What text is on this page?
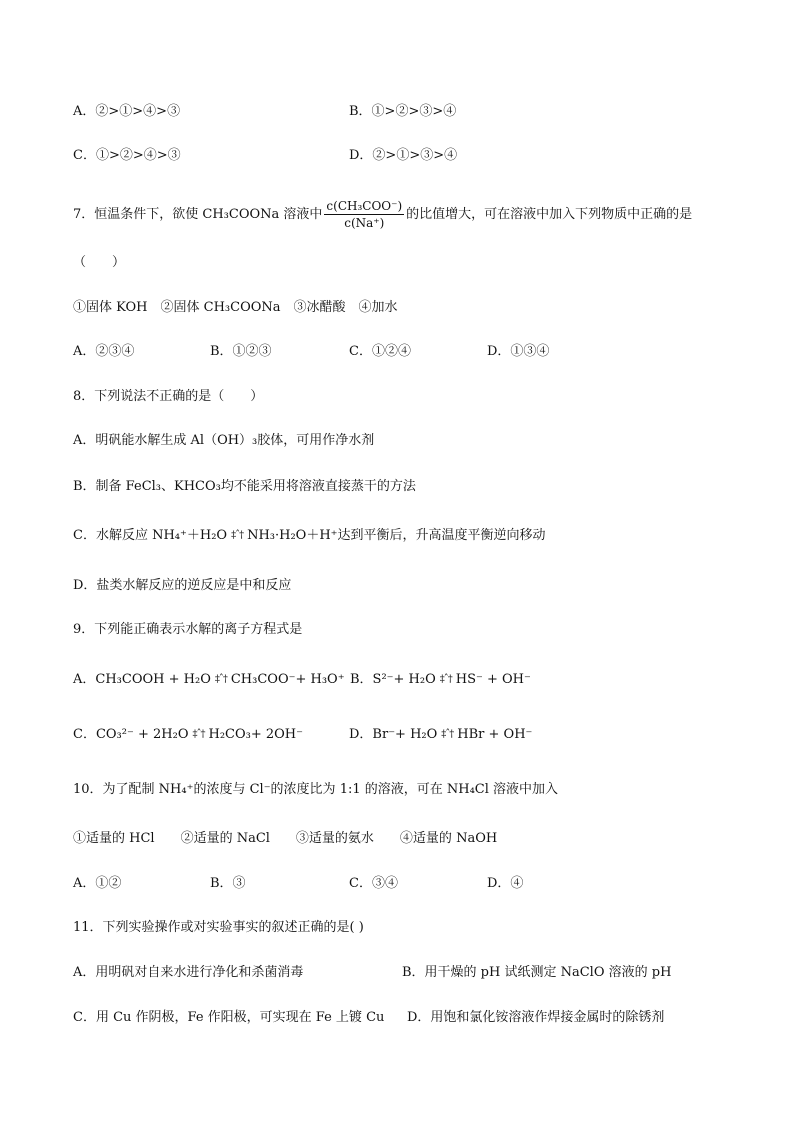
A．②>①>④>③	B．①>②>③>④
C．①>②>④>③	D．②>①>③>④
7．恒温条件下，欲使 CH₃COONa 溶液中 $\frac{\text{c(CH₃COO⁻)}}{c(Na^+)}$ 的比值增大，可在溶液中加入下列物质中正确的是
（　　）
①固体 KOH　②固体 CH₃COONa　③冰醋酸　④加水
A．②③④	B．①②③	C．①②④	D．①③④
8．下列说法不正确的是（　　）
A．明矾能水解生成 Al（OH）₃胶体，可用作净水剂
B．制备 FeCl₃、KHCO₃均不能采用将溶液直接蒸干的方法
C．水解反应 NH₄⁺＋H₂O ‡ˆ† NH₃·H₂O＋H⁺达到平衡后，升高温度平衡逆向移动
D．盐类水解反应的逆反应是中和反应
9．下列能正确表示水解的离子方程式是
A．CH₃COOH + H₂O ‡ˆ† CH₃COO⁻+ H₃O⁺ B．S²⁻+ H₂O ‡ˆ† HS⁻ + OH⁻
C．CO₃²⁻ + 2H₂O ‡ˆ† H₂CO₃+ 2OH⁻	D．Br⁻+ H₂O ‡ˆ† HBr + OH⁻
10．为了配制 NH₄⁺的浓度与 Cl⁻的浓度比为 1:1 的溶液，可在 NH₄Cl 溶液中加入
①适量的 HCl　　②适量的 NaCl　　③适量的氨水　　④适量的 NaOH
A．①②	B．③	C．③④	D．④
11．下列实验操作或对实验事实的叙述正确的是( )
A．用明矾对自来水进行净化和杀菌消毒	B．用干燥的 pH 试纸测定 NaClO 溶液的 pH
C．用 Cu 作阴极，Fe 作阳极，可实现在 Fe 上镀 Cu D．用饱和氯化铵溶液作焊接金属时的除锈剂
